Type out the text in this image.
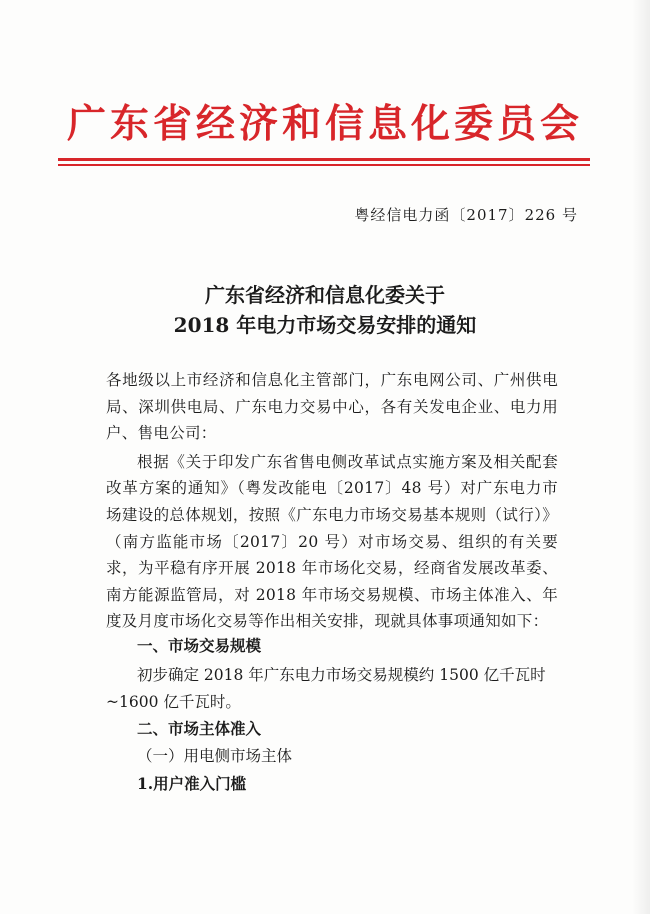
广东省经济和信息化委员会
粤经信电力函〔2017〕226 号
广东省经济和信息化委关于
2018 年电力市场交易安排的通知

各地级以上市经济和信息化主管部门，广东电网公司、广州供电局、深圳供电局、广东电力交易中心，各有关发电企业、电力用户、售电公司：

根据《关于印发广东省售电侧改革试点实施方案及相关配套改革方案的通知》（粤发改能电〔2017〕48 号）对广东电力市场建设的总体规划，按照《广东电力市场交易基本规则（试行）》（南方监能市场〔2017〕20 号）对市场交易、组织的有关要求，为平稳有序开展 2018 年市场化交易，经商省发展改革委、南方能源监管局，对 2018 年市场交易规模、市场主体准入、年度及月度市场化交易等作出相关安排，现就具体事项通知如下：

一、市场交易规模
初步确定 2018 年广东电力市场交易规模约 1500 亿千瓦时~1600 亿千瓦时。
二、市场主体准入
（一）用电侧市场主体
1.用户准入门槛
